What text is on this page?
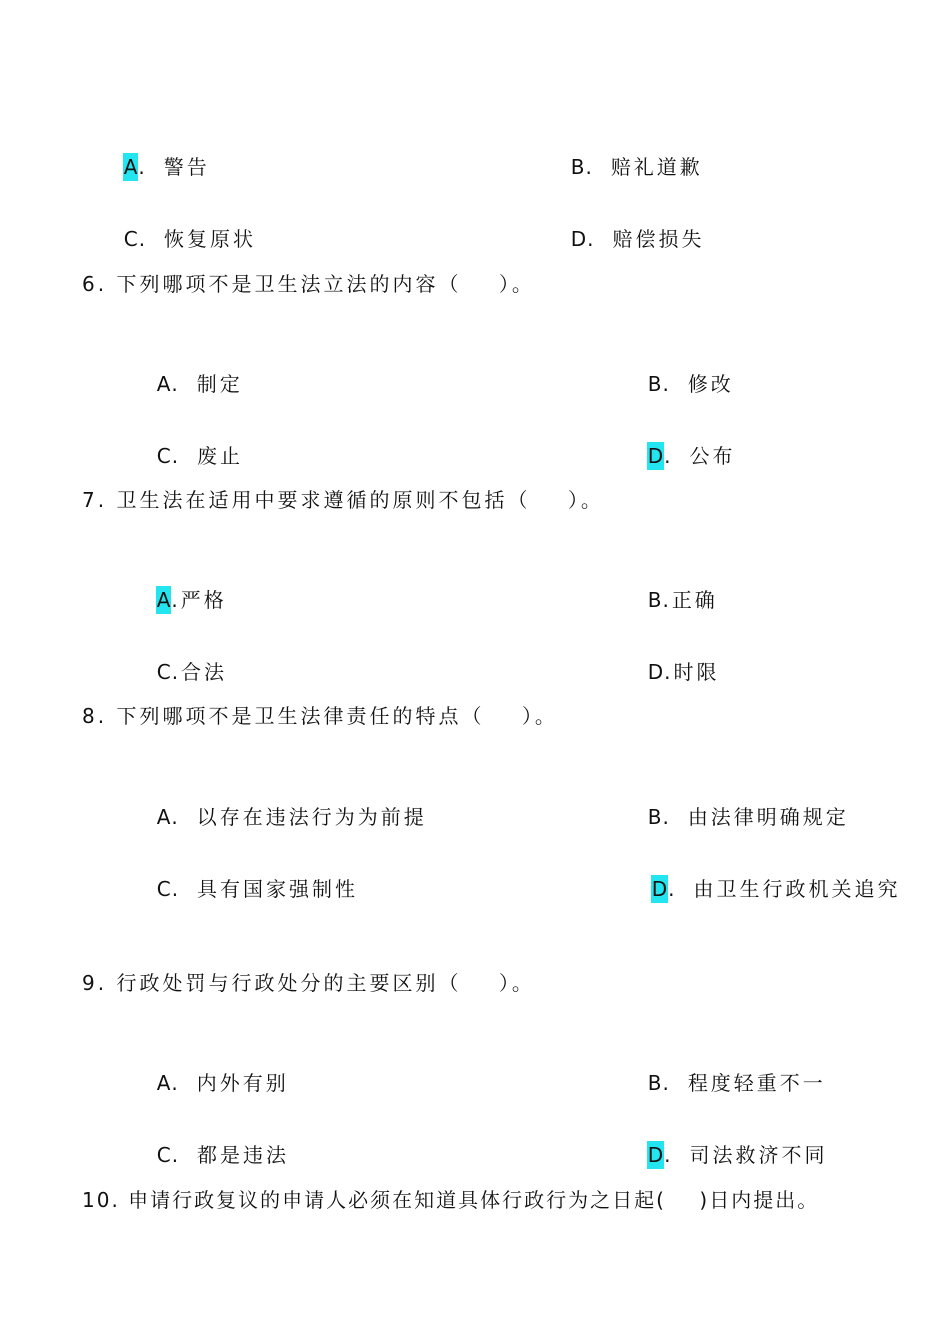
A. 警告	B. 赔礼道歉

C. 恢复原状	D. 赔偿损失

6. 下列哪项不是卫生法立法的内容（    ）。

A. 制定	B. 修改

C. 废止	D. 公布

7. 卫生法在适用中要求遵循的原则不包括（    ）。

A.严格	B.正确

C.合法	D.时限

8. 下列哪项不是卫生法律责任的特点（    ）。

A. 以存在违法行为为前提	B. 由法律明确规定

C. 具有国家强制性	D. 由卫生行政机关追究

9. 行政处罚与行政处分的主要区别（    ）。

A. 内外有别	B. 程度轻重不一

C. 都是违法	D. 司法救济不同

10. 申请行政复议的申请人必须在知道具体行政行为之日起(    )日内提出。
